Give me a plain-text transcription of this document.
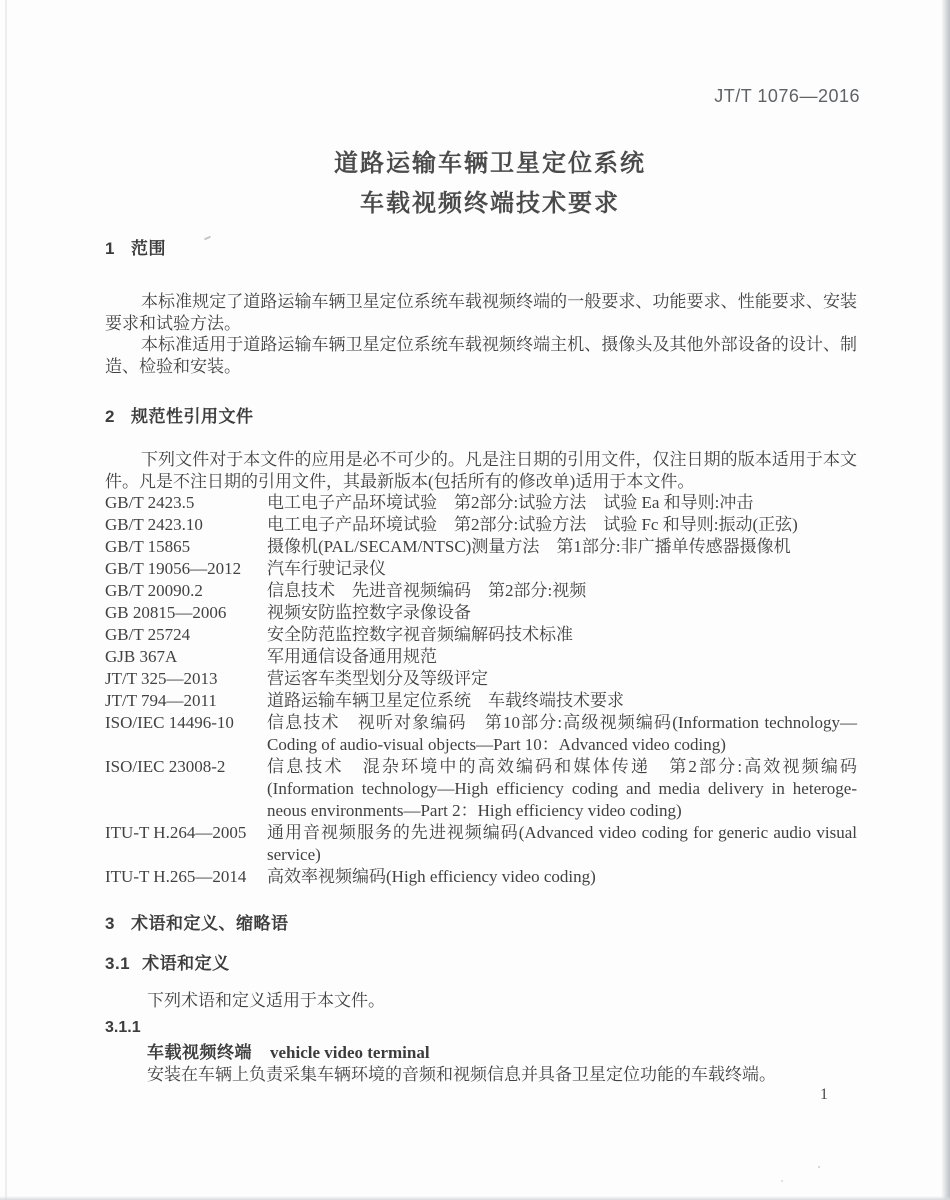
JT/T 1076—2016
道路运输车辆卫星定位系统
车载视频终端技术要求
1 范围

本标准规定了道路运输车辆卫星定位系统车载视频终端的一般要求、功能要求、性能要求、安装要求和试验方法。

本标准适用于道路运输车辆卫星定位系统车载视频终端主机、摄像头及其他外部设备的设计、制造、检验和安装。

2 规范性引用文件

下列文件对于本文件的应用是必不可少的。凡是注日期的引用文件，仅注日期的版本适用于本文件。凡是不注日期的引用文件，其最新版本(包括所有的修改单)适用于本文件。

GB/T 2423.5	电工电子产品环境试验　第2部分:试验方法　试验 Ea 和导则:冲击
GB/T 2423.10	电工电子产品环境试验　第2部分:试验方法　试验 Fc 和导则:振动(正弦)
GB/T 15865	摄像机(PAL/SECAM/NTSC)测量方法　第1部分:非广播单传感器摄像机
GB/T 19056—2012	汽车行驶记录仪
GB/T 20090.2	信息技术　先进音视频编码　第2部分:视频
GB 20815—2006	视频安防监控数字录像设备
GB/T 25724	安全防范监控数字视音频编解码技术标准
GJB 367A	军用通信设备通用规范
JT/T 325—2013	营运客车类型划分及等级评定
JT/T 794—2011	道路运输车辆卫星定位系统　车载终端技术要求
ISO/IEC 14496-10	信息技术　视听对象编码　第10部分:高级视频编码(Information technology—Coding of audio-visual objects—Part 10：Advanced video coding)
ISO/IEC 23008-2	信息技术　混杂环境中的高效编码和媒体传递　第2部分:高效视频编码(Information technology—High efficiency coding and media delivery in heterogeneous environments—Part 2：High efficiency video coding)
ITU-T H.264—2005	通用音视频服务的先进视频编码(Advanced video coding for generic audio visual service)
ITU-T H.265—2014	高效率视频编码(High efficiency video coding)
3 术语和定义、缩略语
3.1 术语和定义

下列术语和定义适用于本文件。

3.1.1

车载视频终端 vehicle video terminal

安装在车辆上负责采集车辆环境的音频和视频信息并具备卫星定位功能的车载终端。

1
